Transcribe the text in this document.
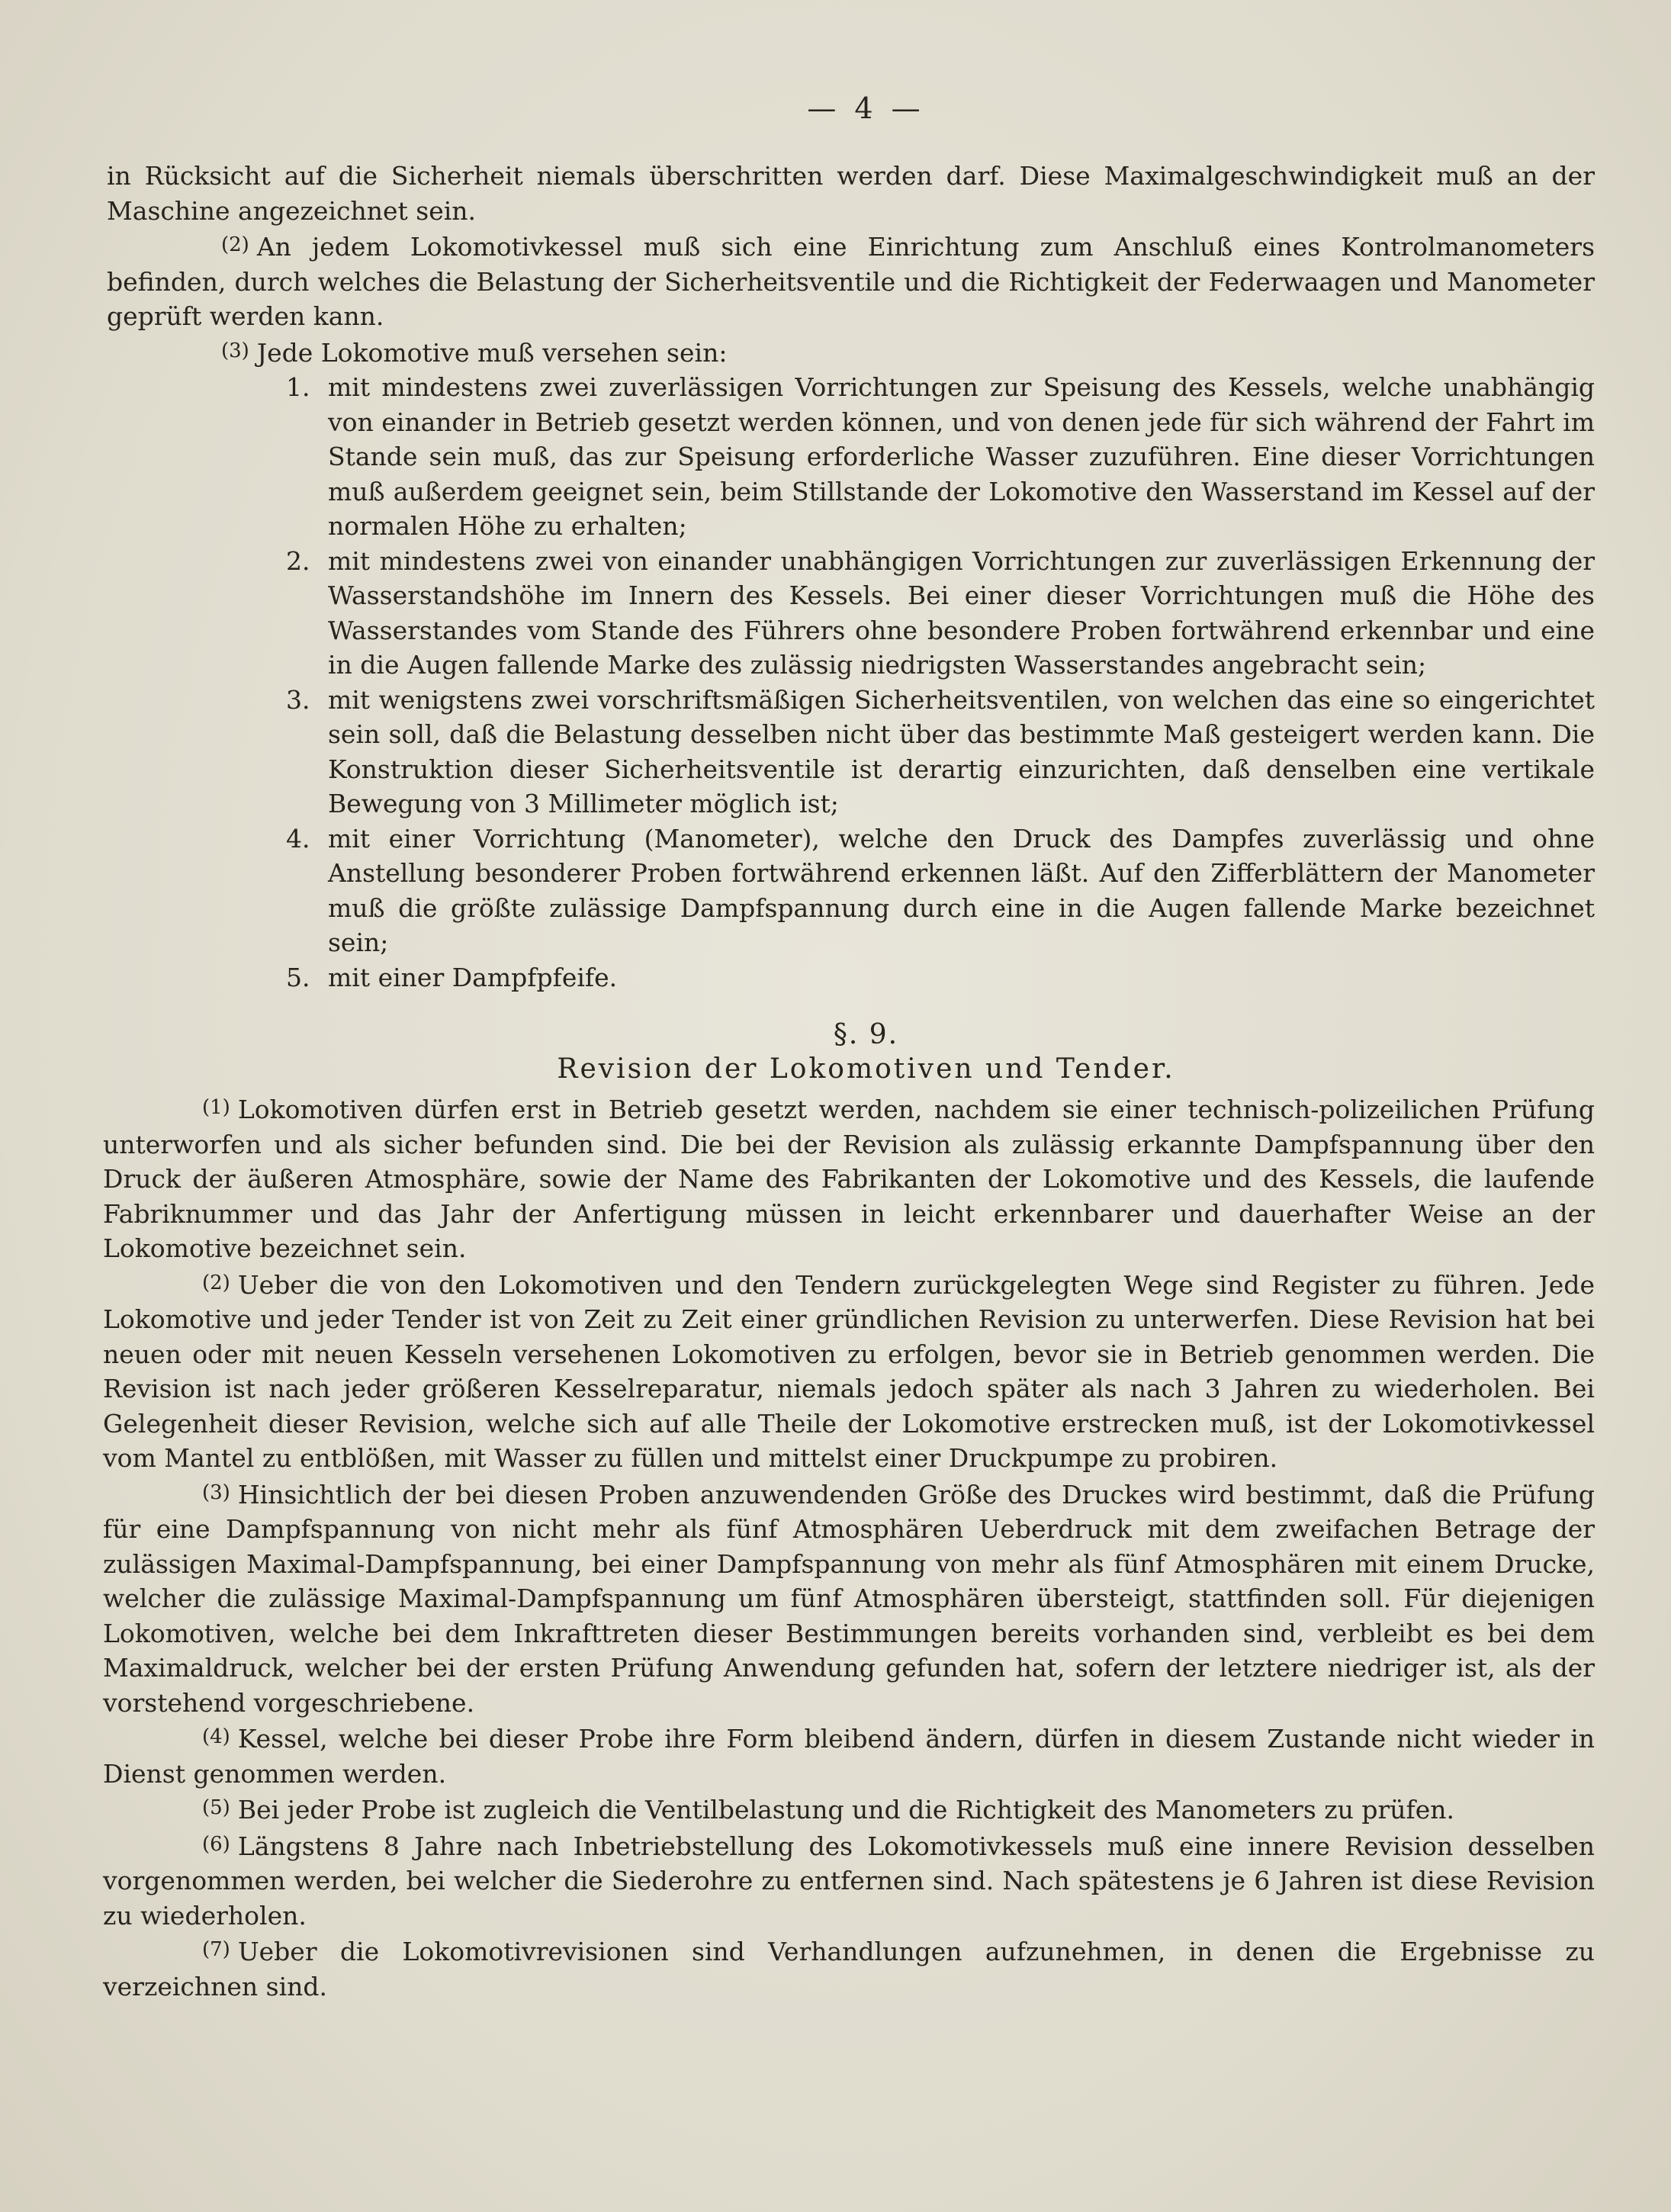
— 4 —

in Rücksicht auf die Sicherheit niemals überschritten werden darf. Diese Maximalgeschwindigkeit muß an der Maschine angezeichnet sein.

(2) An jedem Lokomotivkessel muß sich eine Einrichtung zum Anschluß eines Kontrolmanometers befinden, durch welches die Belastung der Sicherheitsventile und die Richtigkeit der Federwaagen und Manometer geprüft werden kann.

(3) Jede Lokomotive muß versehen sein:

1. mit mindestens zwei zuverlässigen Vorrichtungen zur Speisung des Kessels, welche unabhängig von einander in Betrieb gesetzt werden können, und von denen jede für sich während der Fahrt im Stande sein muß, das zur Speisung erforderliche Wasser zuzuführen. Eine dieser Vorrichtungen muß außerdem geeignet sein, beim Stillstande der Lokomotive den Wasserstand im Kessel auf der normalen Höhe zu erhalten;
2. mit mindestens zwei von einander unabhängigen Vorrichtungen zur zuverlässigen Erkennung der Wasserstandshöhe im Innern des Kessels. Bei einer dieser Vorrichtungen muß die Höhe des Wasserstandes vom Stande des Führers ohne besondere Proben fortwährend erkennbar und eine in die Augen fallende Marke des zulässig niedrigsten Wasserstandes angebracht sein;
3. mit wenigstens zwei vorschriftsmäßigen Sicherheitsventilen, von welchen das eine so eingerichtet sein soll, daß die Belastung desselben nicht über das bestimmte Maß gesteigert werden kann. Die Konstruktion dieser Sicherheitsventile ist derartig einzurichten, daß denselben eine vertikale Bewegung von 3 Millimeter möglich ist;
4. mit einer Vorrichtung (Manometer), welche den Druck des Dampfes zuverlässig und ohne Anstellung besonderer Proben fortwährend erkennen läßt. Auf den Zifferblättern der Manometer muß die größte zulässige Dampfspannung durch eine in die Augen fallende Marke bezeichnet sein;
5. mit einer Dampfpfeife.
§. 9.
Revision der Lokomotiven und Tender.

(1) Lokomotiven dürfen erst in Betrieb gesetzt werden, nachdem sie einer technisch-polizeilichen Prüfung unterworfen und als sicher befunden sind. Die bei der Revision als zulässig erkannte Dampfspannung über den Druck der äußeren Atmosphäre, sowie der Name des Fabrikanten der Lokomotive und des Kessels, die laufende Fabriknummer und das Jahr der Anfertigung müssen in leicht erkennbarer und dauerhafter Weise an der Lokomotive bezeichnet sein.

(2) Ueber die von den Lokomotiven und den Tendern zurückgelegten Wege sind Register zu führen. Jede Lokomotive und jeder Tender ist von Zeit zu Zeit einer gründlichen Revision zu unterwerfen. Diese Revision hat bei neuen oder mit neuen Kesseln versehenen Lokomotiven zu erfolgen, bevor sie in Betrieb genommen werden. Die Revision ist nach jeder größeren Kesselreparatur, niemals jedoch später als nach 3 Jahren zu wiederholen. Bei Gelegenheit dieser Revision, welche sich auf alle Theile der Lokomotive erstrecken muß, ist der Lokomotivkessel vom Mantel zu entblößen, mit Wasser zu füllen und mittelst einer Druckpumpe zu probiren.

(3) Hinsichtlich der bei diesen Proben anzuwendenden Größe des Druckes wird bestimmt, daß die Prüfung für eine Dampfspannung von nicht mehr als fünf Atmosphären Ueberdruck mit dem zweifachen Betrage der zulässigen Maximal-Dampfspannung, bei einer Dampfspannung von mehr als fünf Atmosphären mit einem Drucke, welcher die zulässige Maximal-Dampfspannung um fünf Atmosphären übersteigt, stattfinden soll. Für diejenigen Lokomotiven, welche bei dem Inkrafttreten dieser Bestimmungen bereits vorhanden sind, verbleibt es bei dem Maximaldruck, welcher bei der ersten Prüfung Anwendung gefunden hat, sofern der letztere niedriger ist, als der vorstehend vorgeschriebene.

(4) Kessel, welche bei dieser Probe ihre Form bleibend ändern, dürfen in diesem Zustande nicht wieder in Dienst genommen werden.

(5) Bei jeder Probe ist zugleich die Ventilbelastung und die Richtigkeit des Manometers zu prüfen.

(6) Längstens 8 Jahre nach Inbetriebstellung des Lokomotivkessels muß eine innere Revision desselben vorgenommen werden, bei welcher die Siederohre zu entfernen sind. Nach spätestens je 6 Jahren ist diese Revision zu wiederholen.

(7) Ueber die Lokomotivrevisionen sind Verhandlungen aufzunehmen, in denen die Ergebnisse zu verzeichnen sind.
